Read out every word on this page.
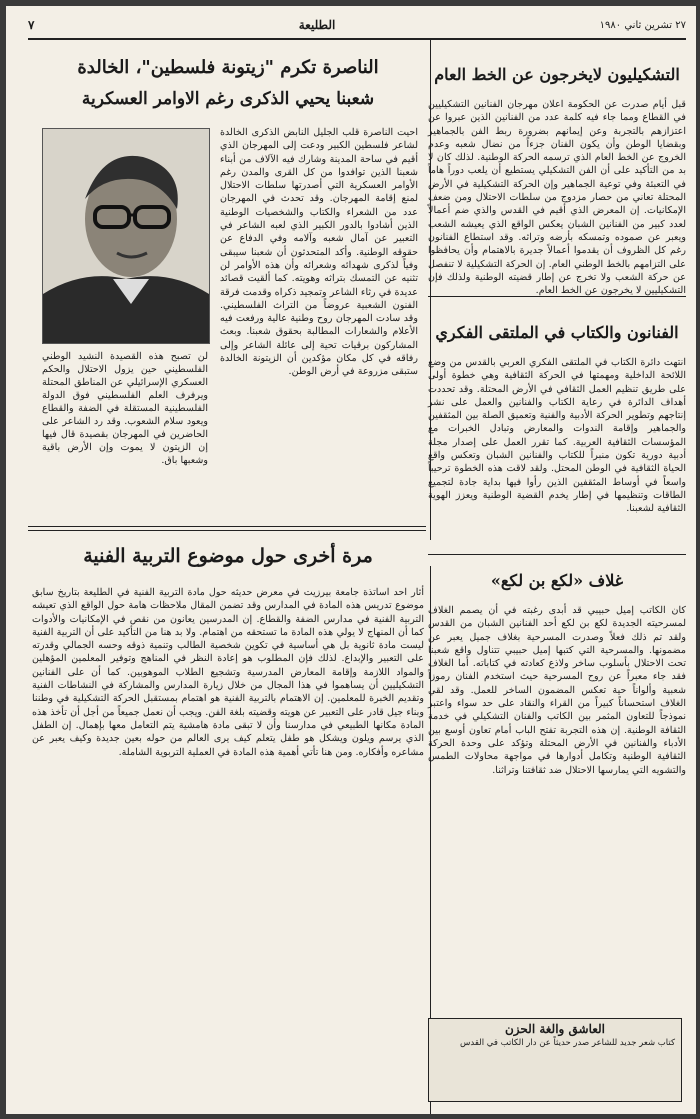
٢٧ تشرين ثاني ١٩٨٠
الطليعة
٧
التشكيليون لايخرجون عن الخط العام

قبل أيام صدرت عن الحكومة اعلان مهرجان الفنانين التشكيليين في القطاع ومما جاء فيه كلمة عدد من الفنانين الذين عبروا عن اعتزازهم بالتجربة وعن إيمانهم بضرورة ربط الفن بالجماهير وبقضايا الوطن وأن يكون الفنان جزءاً من نضال شعبه وعدم الخروج عن الخط العام الذي ترسمه الحركة الوطنية. لذلك كان لا بد من التأكيد على أن الفن التشكيلي يستطيع أن يلعب دوراً هاماً في التعبئة وفي توعية الجماهير وإن الحركة التشكيلية في الأرض المحتلة تعاني من حصار مزدوج من سلطات الاحتلال ومن ضعف الإمكانيات. إن المعرض الذي أقيم في القدس والذي ضم أعمالاً لعدد كبير من الفنانين الشبان يعكس الواقع الذي يعيشه الشعب ويعبر عن صموده وتمسكه بأرضه وتراثه. وقد استطاع الفنانون رغم كل الظروف أن يقدموا أعمالاً جديرة بالاهتمام وأن يحافظوا على التزامهم بالخط الوطني العام. إن الحركة التشكيلية لا تنفصل عن حركة الشعب ولا تخرج عن إطار قضيته الوطنية ولذلك فإن التشكيليين لا يخرجون عن الخط العام.

الفنانون والكتاب في الملتقى الفكري

انتهت دائرة الكتاب في الملتقى الفكري العربي بالقدس من وضع اللائحة الداخلية ومهمتها في الحركة الثقافية وهي خطوة أولى على طريق تنظيم العمل الثقافي في الأرض المحتلة. وقد تحددت أهداف الدائرة في رعاية الكتاب والفنانين والعمل على نشر إنتاجهم وتطوير الحركة الأدبية والفنية وتعميق الصلة بين المثقفين والجماهير وإقامة الندوات والمعارض وتبادل الخبرات مع المؤسسات الثقافية العربية. كما تقرر العمل على إصدار مجلة أدبية دورية تكون منبراً للكتاب والفنانين الشبان وتعكس واقع الحياة الثقافية في الوطن المحتل. ولقد لاقت هذه الخطوة ترحيباً واسعاً في أوساط المثقفين الذين رأوا فيها بداية جادة لتجميع الطاقات وتنظيمها في إطار يخدم القضية الوطنية ويعزز الهوية الثقافية لشعبنا.

غلاف «لكع بن لكع»

كان الكاتب إميل حبيبي قد أبدى رغبته في أن يصمم الغلاف لمسرحيته الجديدة لكع بن لكع أحد الفنانين الشبان من القدس ولقد تم ذلك فعلاً وصدرت المسرحية بغلاف جميل يعبر عن مضمونها. والمسرحية التي كتبها إميل حبيبي تتناول واقع شعبنا تحت الاحتلال بأسلوب ساخر ولاذع كعادته في كتاباته. أما الغلاف فقد جاء معبراً عن روح المسرحية حيث استخدم الفنان رموزاً شعبية وألواناً حية تعكس المضمون الساخر للعمل. وقد لقي الغلاف استحساناً كبيراً من القراء والنقاد على حد سواء واعتبر نموذجاً للتعاون المثمر بين الكاتب والفنان التشكيلي في خدمة الثقافة الوطنية. إن هذه التجربة تفتح الباب أمام تعاون أوسع بين الأدباء والفنانين في الأرض المحتلة وتؤكد على وحدة الحركة الثقافية الوطنية وتكامل أدوارها في مواجهة محاولات الطمس والتشويه التي يمارسها الاحتلال ضد ثقافتنا وتراثنا.

العاشق والغة الحزن
كتاب شعر جديد للشاعر صدر حديثاً عن دار الكاتب في القدس
الناصرة تكرم "زيتونة فلسطين"، الخالدة
شعبنا يحيي الذكرى رغم الاوامر العسكرية

احيت الناصرة قلب الجليل النابض الذكرى الخالدة لشاعر فلسطين الكبير ودعت إلى المهرجان الذي أقيم في ساحة المدينة وشارك فيه الآلاف من أبناء شعبنا الذين توافدوا من كل القرى والمدن رغم الأوامر العسكرية التي أصدرتها سلطات الاحتلال لمنع إقامة المهرجان. وقد تحدث في المهرجان عدد من الشعراء والكتاب والشخصيات الوطنية الذين أشادوا بالدور الكبير الذي لعبه الشاعر في التعبير عن آمال شعبه وآلامه وفي الدفاع عن حقوقه الوطنية. وأكد المتحدثون أن شعبنا سيبقى وفياً لذكرى شهدائه وشعرائه وأن هذه الأوامر لن تثنيه عن التمسك بتراثه وهويته. كما ألقيت قصائد عديدة في رثاء الشاعر وتمجيد ذكراه وقدمت فرقة الفنون الشعبية عروضاً من التراث الفلسطيني. وقد سادت المهرجان روح وطنية عالية ورفعت فيه الأعلام والشعارات المطالبة بحقوق شعبنا. وبعث المشاركون برقيات تحية إلى عائلة الشاعر وإلى رفاقه في كل مكان مؤكدين أن الزيتونة الخالدة ستبقى مزروعة في أرض الوطن.

لن تصبح هذه القصيدة النشيد الوطني الفلسطيني حين يزول الاحتلال والحكم العسكري الإسرائيلي عن المناطق المحتلة ويرفرف العلم الفلسطيني فوق الدولة الفلسطينية المستقلة في الضفة والقطاع ويعود سلام الشعوب. وقد رد الشاعر على الحاضرين في المهرجان بقصيدة قال فيها إن الزيتون لا يموت وإن الأرض باقية وشعبها باق.
مرة أخرى حول موضوع التربية الفنية

أثار احد اساتذة جامعة بيرزيت في معرض حديثه حول مادة التربية الفنية في الطليعة بتاريخ سابق موضوع تدريس هذه المادة في المدارس وقد تضمن المقال ملاحظات هامة حول الواقع الذي تعيشه التربية الفنية في مدارس الضفة والقطاع. إن المدرسين يعانون من نقص في الإمكانيات والأدوات كما أن المنهاج لا يولي هذه المادة ما تستحقه من اهتمام. ولا بد هنا من التأكيد على أن التربية الفنية ليست مادة ثانوية بل هي أساسية في تكوين شخصية الطالب وتنمية ذوقه وحسه الجمالي وقدرته على التعبير والإبداع. لذلك فإن المطلوب هو إعادة النظر في المناهج وتوفير المعلمين المؤهلين والمواد اللازمة وإقامة المعارض المدرسية وتشجيع الطلاب الموهوبين. كما أن على الفنانين التشكيليين أن يساهموا في هذا المجال من خلال زيارة المدارس والمشاركة في النشاطات الفنية وتقديم الخبرة للمعلمين. إن الاهتمام بالتربية الفنية هو اهتمام بمستقبل الحركة التشكيلية في وطننا وبناء جيل قادر على التعبير عن هويته وقضيته بلغة الفن. ويجب أن نعمل جميعاً من أجل أن تأخذ هذه المادة مكانها الطبيعي في مدارسنا وأن لا تبقى مادة هامشية يتم التعامل معها بإهمال. إن الطفل الذي يرسم ويلون ويشكل هو طفل يتعلم كيف يرى العالم من حوله بعين جديدة وكيف يعبر عن مشاعره وأفكاره. ومن هنا تأتي أهمية هذه المادة في العملية التربوية الشاملة.
